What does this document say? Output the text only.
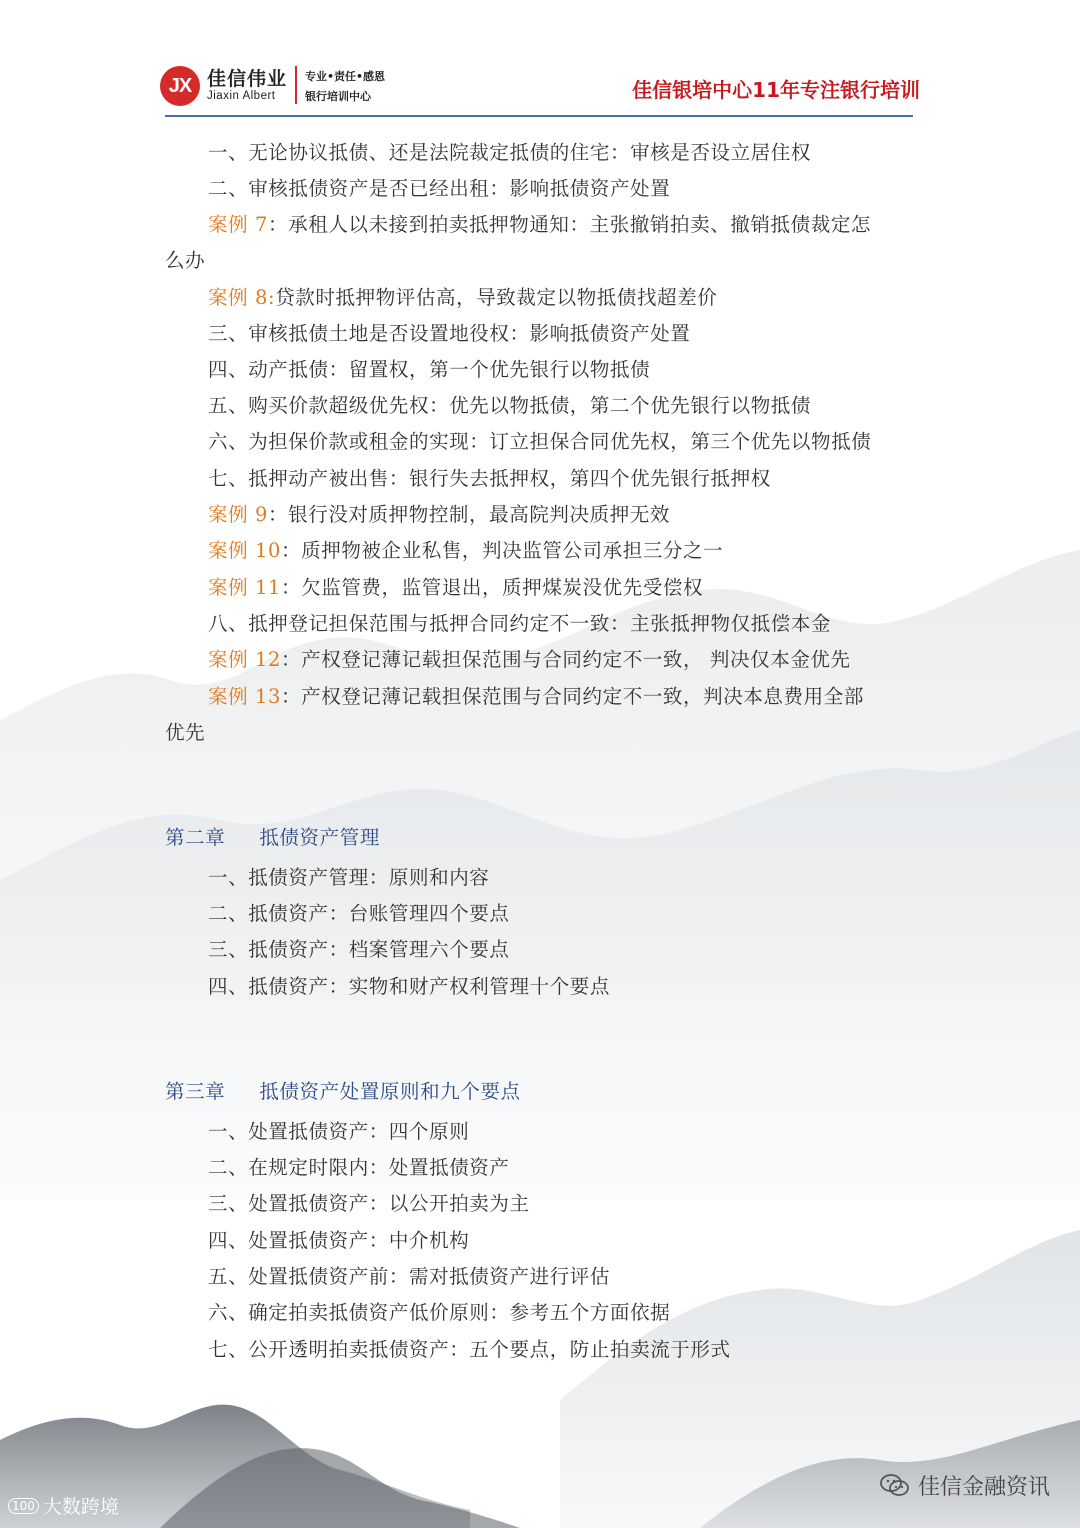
JX 佳信伟业
Jiaxin Albert
专业•责任•感恩
银行培训中心	佳信银培中心11年专注银行培训
一、无论协议抵债、还是法院裁定抵债的住宅：审核是否设立居住权
二、审核抵债资产是否已经出租：影响抵债资产处置
案例 7：承租人以未接到拍卖抵押物通知：主张撤销拍卖、撤销抵债裁定怎
么办
案例 8:贷款时抵押物评估高，导致裁定以物抵债找超差价
三、审核抵债土地是否设置地役权：影响抵债资产处置
四、动产抵债：留置权，第一个优先银行以物抵债
五、购买价款超级优先权：优先以物抵债，第二个优先银行以物抵债
六、为担保价款或租金的实现：订立担保合同优先权，第三个优先以物抵债
七、抵押动产被出售：银行失去抵押权，第四个优先银行抵押权
案例 9：银行没对质押物控制，最高院判决质押无效
案例 10：质押物被企业私售，判决监管公司承担三分之一
案例 11：欠监管费，监管退出，质押煤炭没优先受偿权
八、抵押登记担保范围与抵押合同约定不一致：主张抵押物仅抵偿本金
案例 12：产权登记薄记载担保范围与合同约定不一致， 判决仅本金优先
案例 13：产权登记薄记载担保范围与合同约定不一致，判决本息费用全部
优先
第二章 抵债资产管理
一、抵债资产管理：原则和内容
二、抵债资产：台账管理四个要点
三、抵债资产：档案管理六个要点
四、抵债资产：实物和财产权利管理十个要点
第三章 抵债资产处置原则和九个要点
一、处置抵债资产：四个原则
二、在规定时限内：处置抵债资产
三、处置抵债资产：以公开拍卖为主
四、处置抵债资产：中介机构
五、处置抵债资产前：需对抵债资产进行评估
六、确定拍卖抵债资产低价原则：参考五个方面依据
七、公开透明拍卖抵债资产：五个要点，防止拍卖流于形式
佳信金融资讯
100 大数跨境
